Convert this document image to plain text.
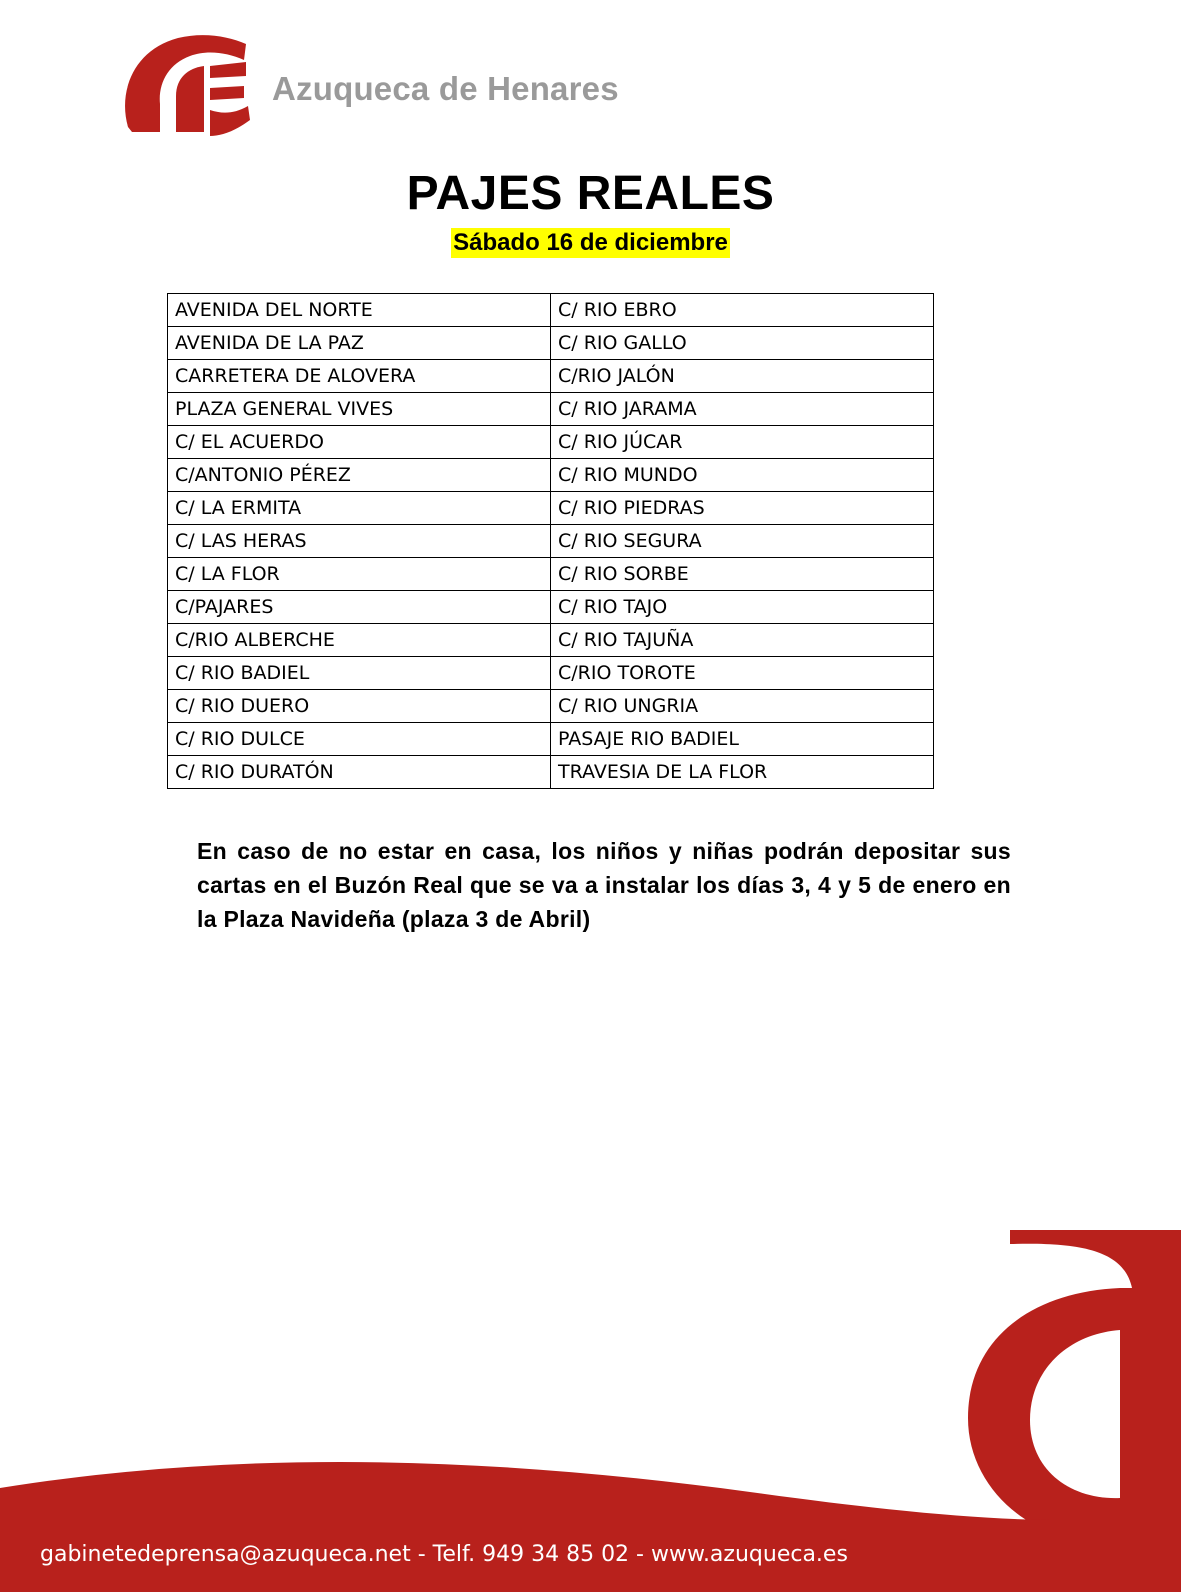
Azuqueca de Henares
PAJES REALES
Sábado 16 de diciembre
AVENIDA DEL NORTE	C/ RIO EBRO
AVENIDA DE LA PAZ	C/ RIO GALLO
CARRETERA DE ALOVERA	C/RIO JALÓN
PLAZA GENERAL VIVES	C/ RIO JARAMA
C/ EL ACUERDO	C/ RIO JÚCAR
C/ANTONIO PÉREZ	C/ RIO MUNDO
C/ LA ERMITA	C/ RIO PIEDRAS
C/ LAS HERAS	C/ RIO SEGURA
C/ LA FLOR	C/ RIO SORBE
C/PAJARES	C/ RIO TAJO
C/RIO ALBERCHE	C/ RIO TAJUÑA
C/ RIO BADIEL	C/RIO TOROTE
C/ RIO DUERO	C/ RIO UNGRIA
C/ RIO DULCE	PASAJE RIO BADIEL
C/ RIO DURATÓN	TRAVESIA DE LA FLOR
En caso de no estar en casa, los niños y niñas podrán depositar sus cartas en el Buzón Real que se va a instalar los días 3, 4 y 5 de enero en la Plaza Navideña (plaza 3 de Abril)
gabinetedeprensa@azuqueca.net - Telf. 949 34 85 02 - www.azuqueca.es
